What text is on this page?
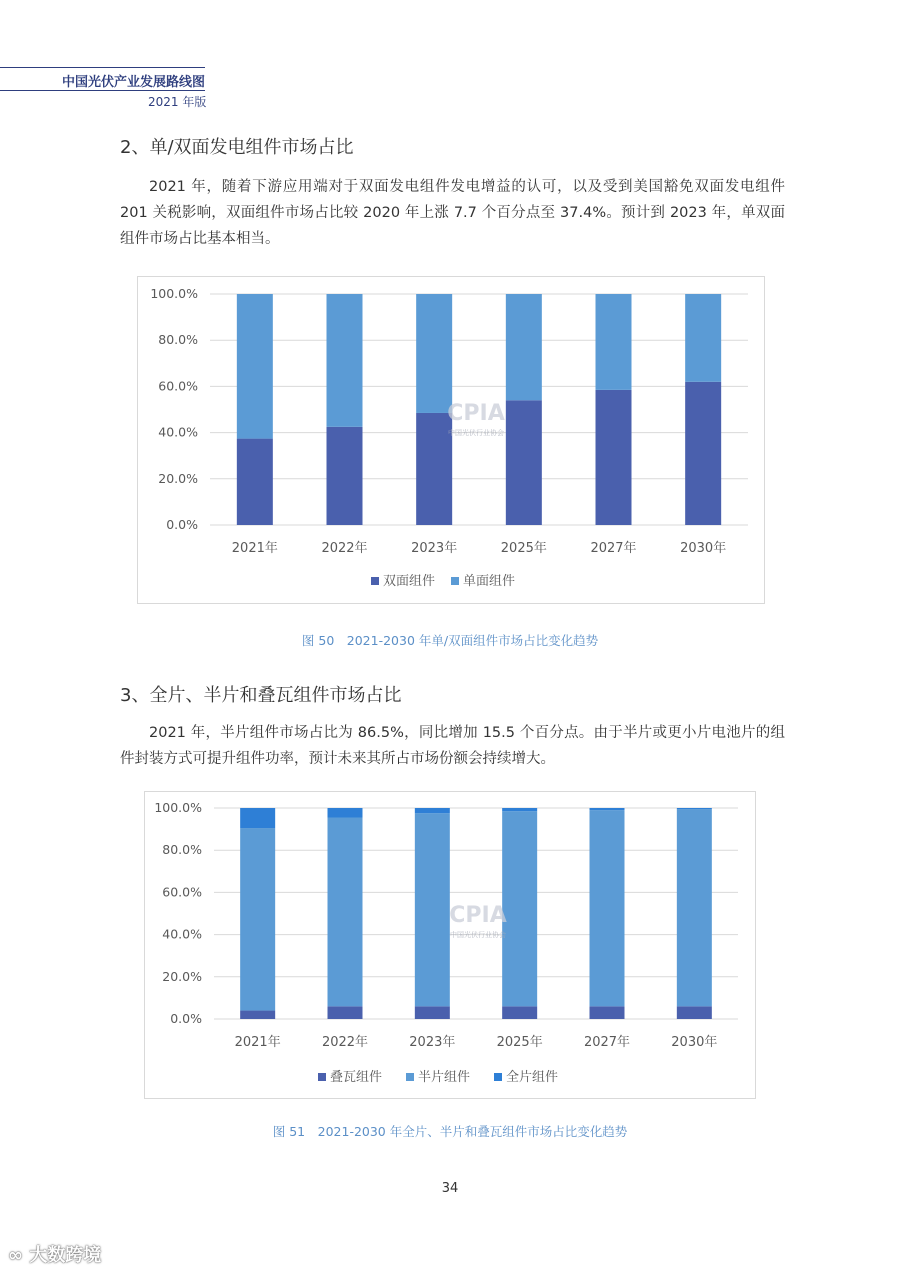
中国光伏产业发展路线图
2021 年版
2、单/双面发电组件市场占比
2021 年，随着下游应用端对于双面发电组件发电增益的认可，以及受到美国豁免双面发电组件 201 关税影响，双面组件市场占比较 2020 年上涨 7.7 个百分点至 37.4%。预计到 2023 年，单双面组件市场占比基本相当。
0.0%
20.0%
40.0%
60.0%
80.0%
100.0%
2021年	2022年	2023年	2025年	2027年	2030年
CPIA
中国光伏行业协会
双面组件 单面组件
图 50　2021-2030 年单/双面组件市场占比变化趋势
3、全片、半片和叠瓦组件市场占比
2021 年，半片组件市场占比为 86.5%，同比增加 15.5 个百分点。由于半片或更小片电池片的组件封装方式可提升组件功率，预计未来其所占市场份额会持续增大。
0.0%
20.0%
40.0%
60.0%
80.0%
100.0%
2021年	2022年	2023年	2025年	2027年	2030年
CPIA
中国光伏行业协会
叠瓦组件	半片组件	全片组件
图 51　2021-2030 年全片、半片和叠瓦组件市场占比变化趋势
34
∞ 大数跨境
